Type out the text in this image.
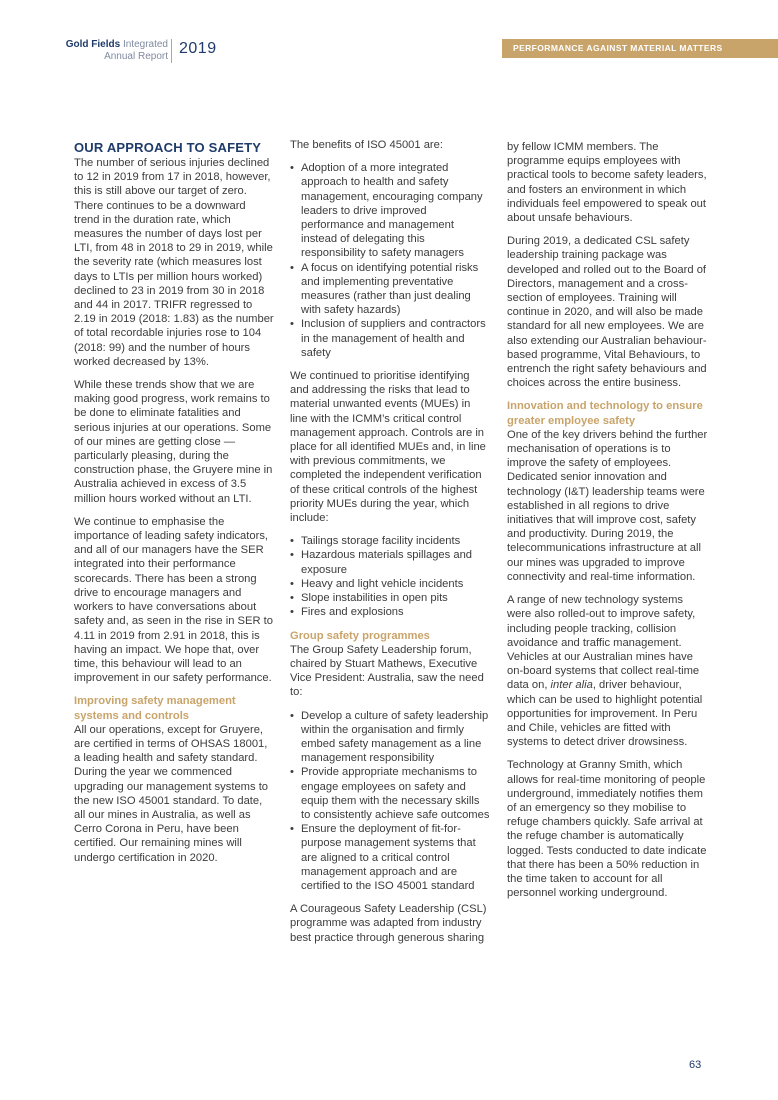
Gold Fields Integrated
Annual Report 2019	PERFORMANCE AGAINST MATERIAL MATTERS
OUR APPROACH TO SAFETY

The number of serious injuries declined to 12 in 2019 from 17 in 2018, however, this is still above our target of zero. There continues to be a downward trend in the duration rate, which measures the number of days lost per LTI, from 48 in 2018 to 29 in 2019, while the severity rate (which measures lost days to LTIs per million hours worked) declined to 23 in 2019 from 30 in 2018 and 44 in 2017. TRIFR regressed to 2.19 in 2019 (2018: 1.83) as the number of total recordable injuries rose to 104 (2018: 99) and the number of hours worked decreased by 13%.

While these trends show that we are making good progress, work remains to be done to eliminate fatalities and serious injuries at our operations. Some of our mines are getting close — particularly pleasing, during the construction phase, the Gruyere mine in Australia achieved in excess of 3.5 million hours worked without an LTI.

We continue to emphasise the importance of leading safety indicators, and all of our managers have the SER integrated into their performance scorecards. There has been a strong drive to encourage managers and workers to have conversations about safety and, as seen in the rise in SER to 4.11 in 2019 from 2.91 in 2018, this is having an impact. We hope that, over time, this behaviour will lead to an improvement in our safety performance.

Improving safety management systems and controls

All our operations, except for Gruyere, are certified in terms of OHSAS 18001, a leading health and safety standard. During the year we commenced upgrading our management systems to the new ISO 45001 standard. To date, all our mines in Australia, as well as Cerro Corona in Peru, have been certified. Our remaining mines will undergo certification in 2020.

The benefits of ISO 45001 are:

• Adoption of a more integrated approach to health and safety management, encouraging company leaders to drive improved performance and management instead of delegating this responsibility to safety managers
• A focus on identifying potential risks and implementing preventative measures (rather than just dealing with safety hazards)
• Inclusion of suppliers and contractors in the management of health and safety

We continued to prioritise identifying and addressing the risks that lead to material unwanted events (MUEs) in line with the ICMM’s critical control management approach. Controls are in place for all identified MUEs and, in line with previous commitments, we completed the independent verification of these critical controls of the highest priority MUEs during the year, which include:

• Tailings storage facility incidents
• Hazardous materials spillages and exposure
• Heavy and light vehicle incidents
• Slope instabilities in open pits
• Fires and explosions
Group safety programmes

The Group Safety Leadership forum, chaired by Stuart Mathews, Executive Vice President: Australia, saw the need to:

• Develop a culture of safety leadership within the organisation and firmly embed safety management as a line management responsibility
• Provide appropriate mechanisms to engage employees on safety and equip them with the necessary skills to consistently achieve safe outcomes
• Ensure the deployment of fit-for-purpose management systems that are aligned to a critical control management approach and are certified to the ISO 45001 standard

A Courageous Safety Leadership (CSL) programme was adapted from industry best practice through generous sharing

by fellow ICMM members. The programme equips employees with practical tools to become safety leaders, and fosters an environment in which individuals feel empowered to speak out about unsafe behaviours.

During 2019, a dedicated CSL safety leadership training package was developed and rolled out to the Board of Directors, management and a cross-section of employees. Training will continue in 2020, and will also be made standard for all new employees. We are also extending our Australian behaviour-based programme, Vital Behaviours, to entrench the right safety behaviours and choices across the entire business.

Innovation and technology to ensure greater employee safety

One of the key drivers behind the further mechanisation of operations is to improve the safety of employees. Dedicated senior innovation and technology (I&T) leadership teams were established in all regions to drive initiatives that will improve cost, safety and productivity. During 2019, the telecommunications infrastructure at all our mines was upgraded to improve connectivity and real-time information.

A range of new technology systems were also rolled-out to improve safety, including people tracking, collision avoidance and traffic management. Vehicles at our Australian mines have on-board systems that collect real-time data on, inter alia, driver behaviour, which can be used to highlight potential opportunities for improvement. In Peru and Chile, vehicles are fitted with systems to detect driver drowsiness.

Technology at Granny Smith, which allows for real-time monitoring of people underground, immediately notifies them of an emergency so they mobilise to refuge chambers quickly. Safe arrival at the refuge chamber is automatically logged. Tests conducted to date indicate that there has been a 50% reduction in the time taken to account for all personnel working underground.

63
